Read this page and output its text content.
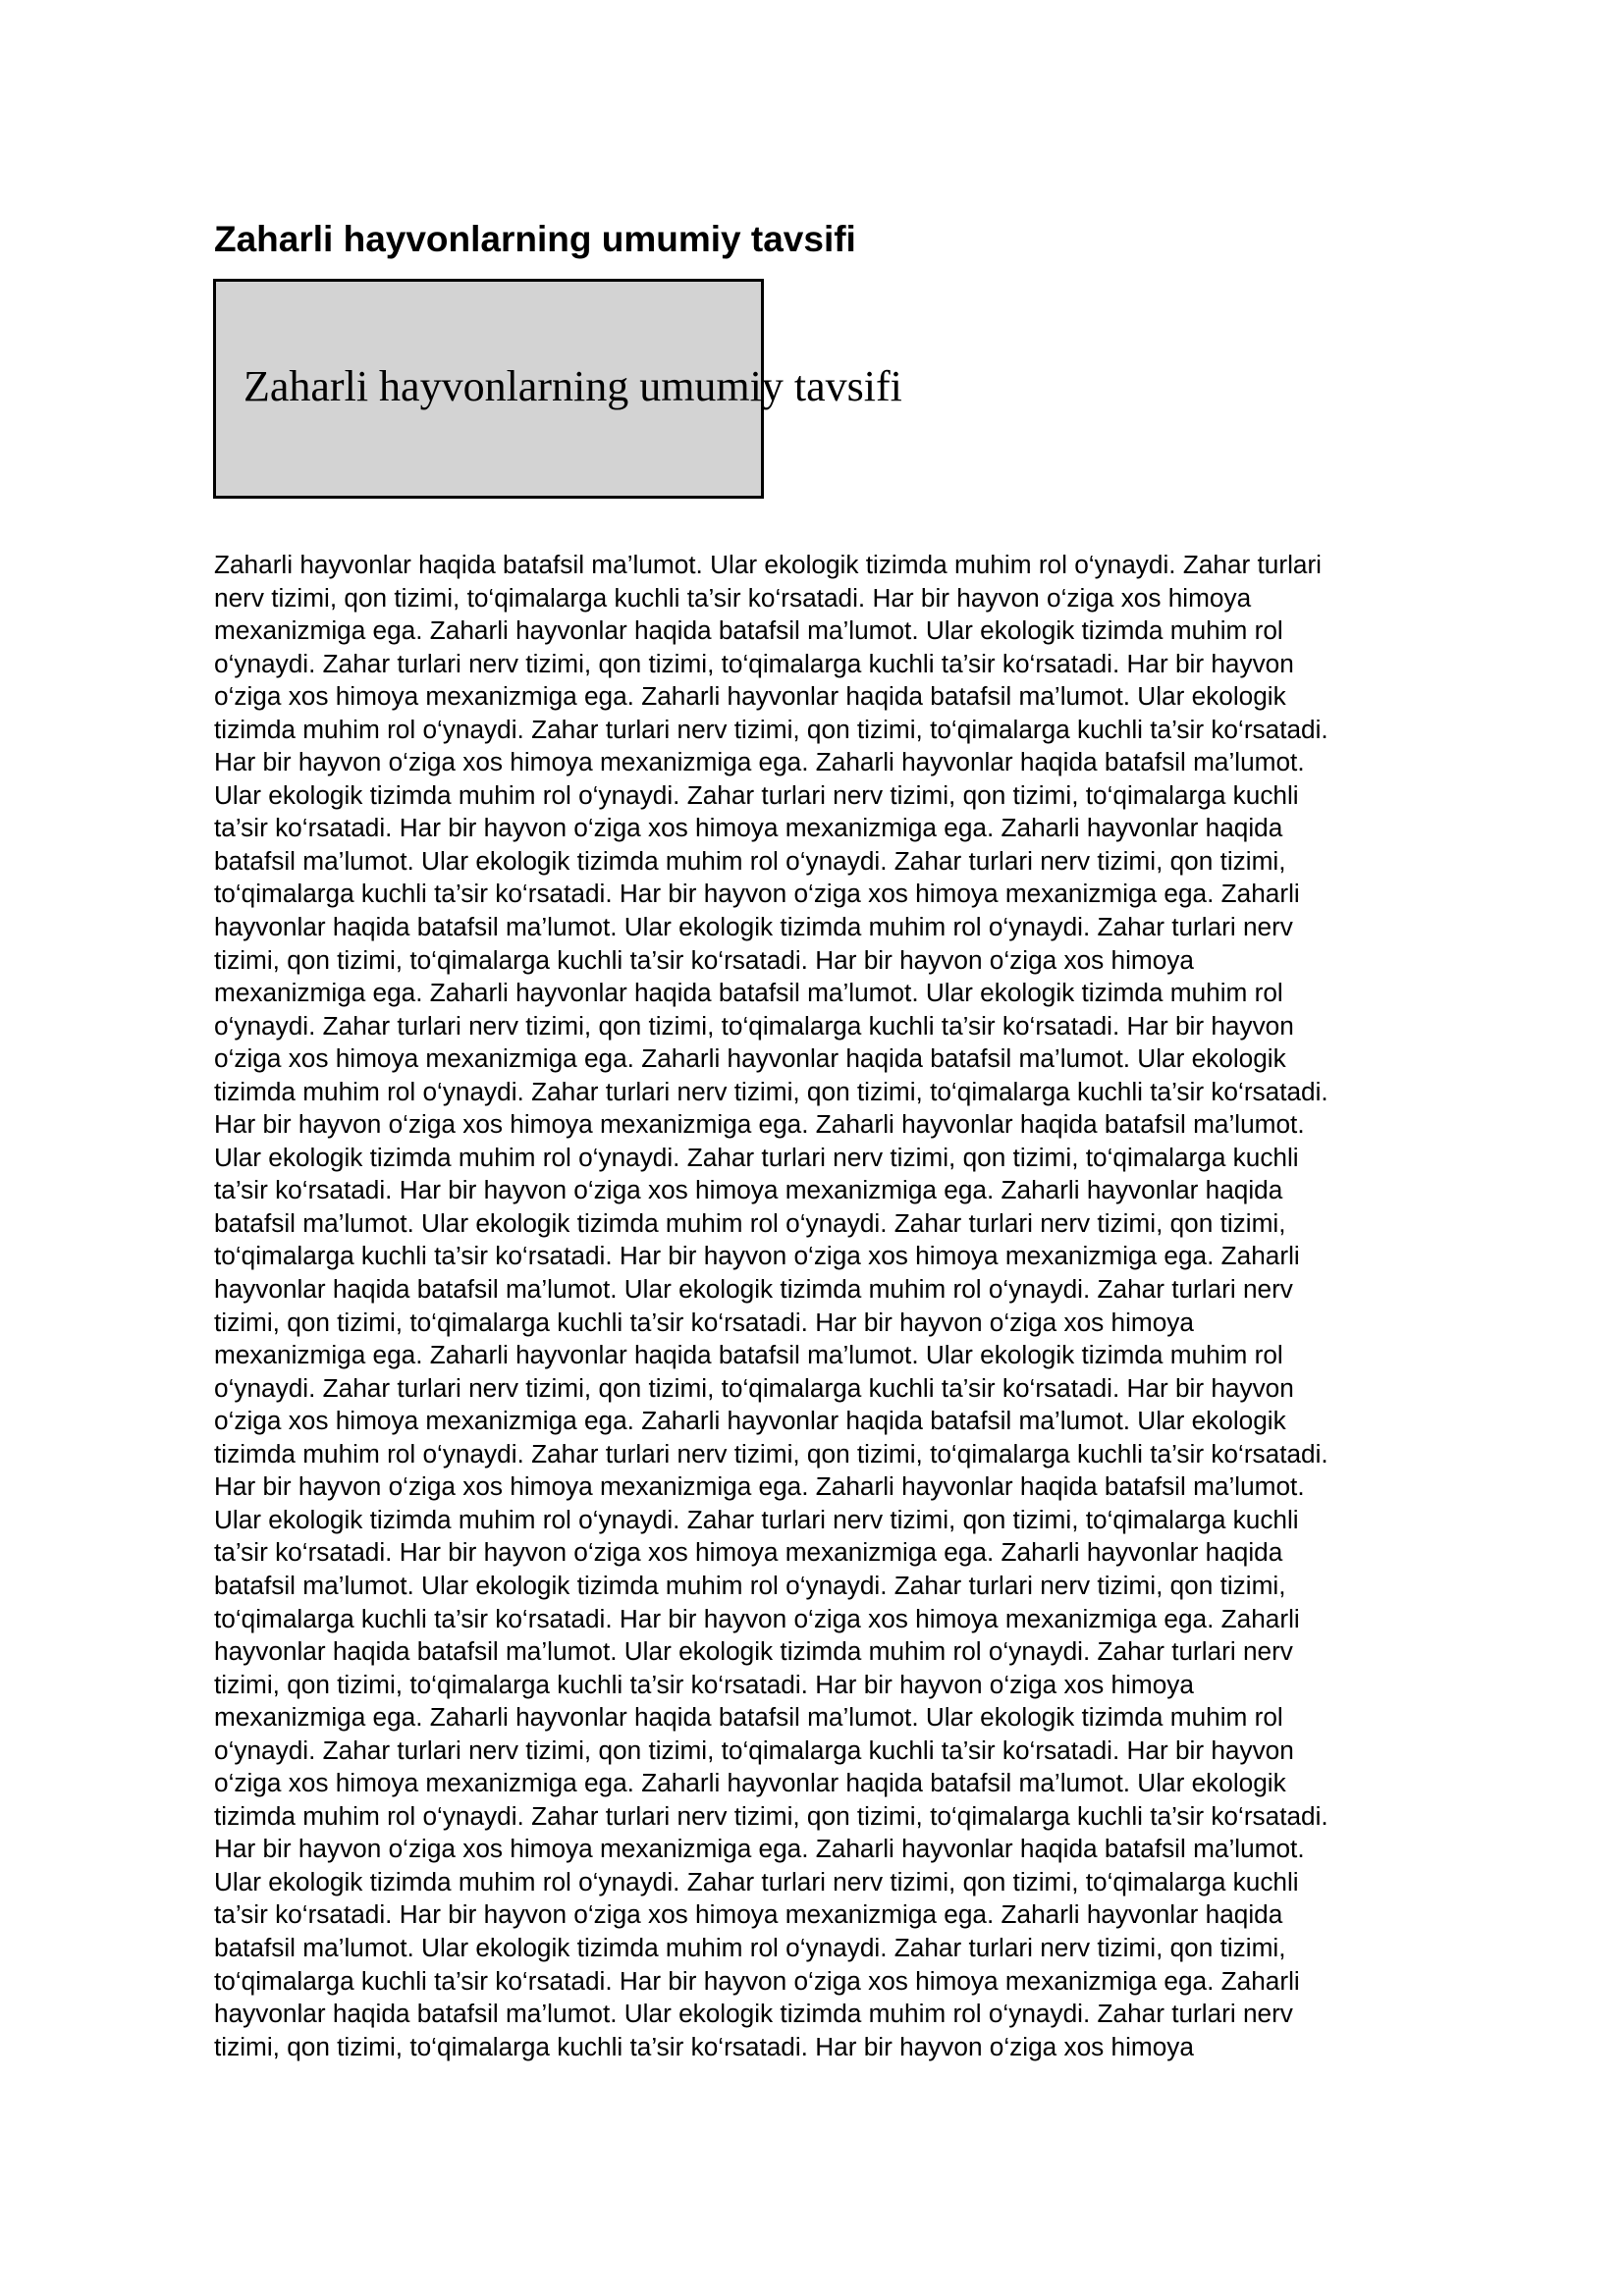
Zaharli hayvonlarning umumiy tavsifi
Zaharli hayvonlarning umumiy tavsifi
Zaharli hayvonlar haqida batafsil ma’lumot. Ular ekologik tizimda muhim rol o‘ynaydi. Zahar turlari
nerv tizimi, qon tizimi, to‘qimalarga kuchli ta’sir ko‘rsatadi. Har bir hayvon o‘ziga xos himoya
mexanizmiga ega. Zaharli hayvonlar haqida batafsil ma’lumot. Ular ekologik tizimda muhim rol
o‘ynaydi. Zahar turlari nerv tizimi, qon tizimi, to‘qimalarga kuchli ta’sir ko‘rsatadi. Har bir hayvon
o‘ziga xos himoya mexanizmiga ega. Zaharli hayvonlar haqida batafsil ma’lumot. Ular ekologik
tizimda muhim rol o‘ynaydi. Zahar turlari nerv tizimi, qon tizimi, to‘qimalarga kuchli ta’sir ko‘rsatadi.
Har bir hayvon o‘ziga xos himoya mexanizmiga ega. Zaharli hayvonlar haqida batafsil ma’lumot.
Ular ekologik tizimda muhim rol o‘ynaydi. Zahar turlari nerv tizimi, qon tizimi, to‘qimalarga kuchli
ta’sir ko‘rsatadi. Har bir hayvon o‘ziga xos himoya mexanizmiga ega. Zaharli hayvonlar haqida
batafsil ma’lumot. Ular ekologik tizimda muhim rol o‘ynaydi. Zahar turlari nerv tizimi, qon tizimi,
to‘qimalarga kuchli ta’sir ko‘rsatadi. Har bir hayvon o‘ziga xos himoya mexanizmiga ega. Zaharli
hayvonlar haqida batafsil ma’lumot. Ular ekologik tizimda muhim rol o‘ynaydi. Zahar turlari nerv
tizimi, qon tizimi, to‘qimalarga kuchli ta’sir ko‘rsatadi. Har bir hayvon o‘ziga xos himoya
mexanizmiga ega. Zaharli hayvonlar haqida batafsil ma’lumot. Ular ekologik tizimda muhim rol
o‘ynaydi. Zahar turlari nerv tizimi, qon tizimi, to‘qimalarga kuchli ta’sir ko‘rsatadi. Har bir hayvon
o‘ziga xos himoya mexanizmiga ega. Zaharli hayvonlar haqida batafsil ma’lumot. Ular ekologik
tizimda muhim rol o‘ynaydi. Zahar turlari nerv tizimi, qon tizimi, to‘qimalarga kuchli ta’sir ko‘rsatadi.
Har bir hayvon o‘ziga xos himoya mexanizmiga ega. Zaharli hayvonlar haqida batafsil ma’lumot.
Ular ekologik tizimda muhim rol o‘ynaydi. Zahar turlari nerv tizimi, qon tizimi, to‘qimalarga kuchli
ta’sir ko‘rsatadi. Har bir hayvon o‘ziga xos himoya mexanizmiga ega. Zaharli hayvonlar haqida
batafsil ma’lumot. Ular ekologik tizimda muhim rol o‘ynaydi. Zahar turlari nerv tizimi, qon tizimi,
to‘qimalarga kuchli ta’sir ko‘rsatadi. Har bir hayvon o‘ziga xos himoya mexanizmiga ega. Zaharli
hayvonlar haqida batafsil ma’lumot. Ular ekologik tizimda muhim rol o‘ynaydi. Zahar turlari nerv
tizimi, qon tizimi, to‘qimalarga kuchli ta’sir ko‘rsatadi. Har bir hayvon o‘ziga xos himoya
mexanizmiga ega. Zaharli hayvonlar haqida batafsil ma’lumot. Ular ekologik tizimda muhim rol
o‘ynaydi. Zahar turlari nerv tizimi, qon tizimi, to‘qimalarga kuchli ta’sir ko‘rsatadi. Har bir hayvon
o‘ziga xos himoya mexanizmiga ega. Zaharli hayvonlar haqida batafsil ma’lumot. Ular ekologik
tizimda muhim rol o‘ynaydi. Zahar turlari nerv tizimi, qon tizimi, to‘qimalarga kuchli ta’sir ko‘rsatadi.
Har bir hayvon o‘ziga xos himoya mexanizmiga ega. Zaharli hayvonlar haqida batafsil ma’lumot.
Ular ekologik tizimda muhim rol o‘ynaydi. Zahar turlari nerv tizimi, qon tizimi, to‘qimalarga kuchli
ta’sir ko‘rsatadi. Har bir hayvon o‘ziga xos himoya mexanizmiga ega. Zaharli hayvonlar haqida
batafsil ma’lumot. Ular ekologik tizimda muhim rol o‘ynaydi. Zahar turlari nerv tizimi, qon tizimi,
to‘qimalarga kuchli ta’sir ko‘rsatadi. Har bir hayvon o‘ziga xos himoya mexanizmiga ega. Zaharli
hayvonlar haqida batafsil ma’lumot. Ular ekologik tizimda muhim rol o‘ynaydi. Zahar turlari nerv
tizimi, qon tizimi, to‘qimalarga kuchli ta’sir ko‘rsatadi. Har bir hayvon o‘ziga xos himoya
mexanizmiga ega. Zaharli hayvonlar haqida batafsil ma’lumot. Ular ekologik tizimda muhim rol
o‘ynaydi. Zahar turlari nerv tizimi, qon tizimi, to‘qimalarga kuchli ta’sir ko‘rsatadi. Har bir hayvon
o‘ziga xos himoya mexanizmiga ega. Zaharli hayvonlar haqida batafsil ma’lumot. Ular ekologik
tizimda muhim rol o‘ynaydi. Zahar turlari nerv tizimi, qon tizimi, to‘qimalarga kuchli ta’sir ko‘rsatadi.
Har bir hayvon o‘ziga xos himoya mexanizmiga ega. Zaharli hayvonlar haqida batafsil ma’lumot.
Ular ekologik tizimda muhim rol o‘ynaydi. Zahar turlari nerv tizimi, qon tizimi, to‘qimalarga kuchli
ta’sir ko‘rsatadi. Har bir hayvon o‘ziga xos himoya mexanizmiga ega. Zaharli hayvonlar haqida
batafsil ma’lumot. Ular ekologik tizimda muhim rol o‘ynaydi. Zahar turlari nerv tizimi, qon tizimi,
to‘qimalarga kuchli ta’sir ko‘rsatadi. Har bir hayvon o‘ziga xos himoya mexanizmiga ega. Zaharli
hayvonlar haqida batafsil ma’lumot. Ular ekologik tizimda muhim rol o‘ynaydi. Zahar turlari nerv
tizimi, qon tizimi, to‘qimalarga kuchli ta’sir ko‘rsatadi. Har bir hayvon o‘ziga xos himoya
